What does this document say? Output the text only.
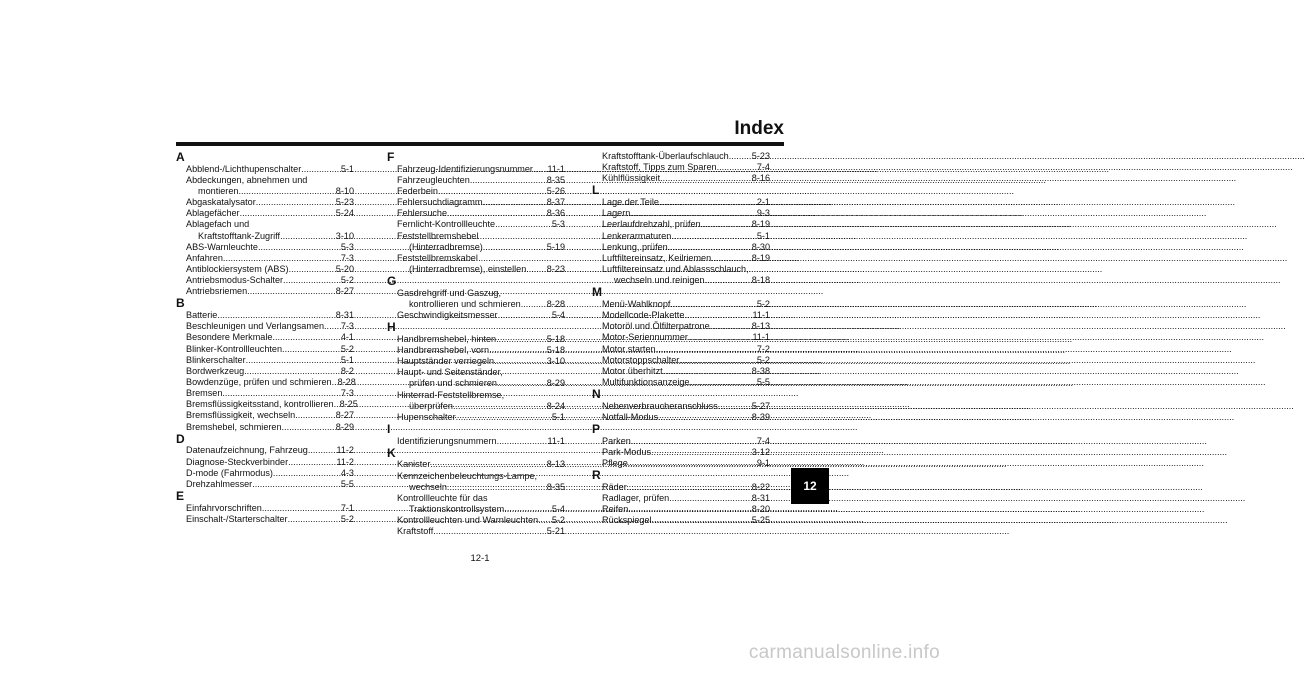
Index
A
Abblend-/Lichthupenschalter .....	5-1
Abdeckungen, abnehmen und
montieren .....	8-10
Abgaskatalysator .....	5-23
Ablagefächer .....	5-24
Ablagefach und
Kraftstofftank-Zugriff .....	3-10
ABS-Warnleuchte .....	5-3
Anfahren .....	7-3
Antiblockiersystem (ABS) .....	5-20
Antriebsmodus-Schalter .....	5-2
Antriebsriemen .....	8-27
B
Batterie .....	8-31
Beschleunigen und Verlangsamen ..... 7-3
Besondere Merkmale .....	4-1
Blinker-Kontrollleuchten .....	5-2
Blinkerschalter .....	5-1
Bordwerkzeug .....	8-2
Bowdenzüge, prüfen und schmieren ..... 8-28
Bremsen .....	7-3
Bremsflüssigkeitsstand, kontrollieren ..... 8-25
Bremsflüssigkeit, wechseln .....	8-27
Bremshebel, schmieren .....	8-29
D
Datenaufzeichnung, Fahrzeug .....	11-2
Diagnose-Steckverbinder .....	11-2
D-mode (Fahrmodus) .....	4-3
Drehzahlmesser .....	5-5
E
Einfahrvorschriften .....	7-1
Einschalt-/Starterschalter .....	5-2
F
Fahrzeug-Identifizierungsnummer ..... 11-1
Fahrzeugleuchten .....	8-35
Federbein .....	5-26
Fehlersuchdiagramm .....	8-37
Fehlersuche .....	8-36
Fernlicht-Kontrollleuchte .....	5-3
Feststellbremshebel
(Hinterradbremse) .....	5-19
Feststellbremskabel
(Hinterradbremse), einstellen ..... 8-23
G
Gasdrehgriff und Gaszug,
kontrollieren und schmieren .....	8-28
Geschwindigkeitsmesser .....	5-4
H
Handbremshebel, hinten .....	5-18
Handbremshebel, vorn .....	5-18
Hauptständer verriegeln .....	3-10
Haupt- und Seitenständer,
prüfen und schmieren .....	8-29
Hinterrad-Feststellbremse,
überprüfen .....	8-24
Hupenschalter .....	5-1
I
Identifizierungsnummern .....	11-1
K
Kanister .....	8-13
Kennzeichenbeleuchtungs-Lampe,
wechseln .....	8-35
Kontrollleuchte für das
Traktionskontrollsystem .....	5-4
Kontrollleuchten und Warnleuchten ..... 5-2
Kraftstoff .....	5-21
Kraftstofftank-Überlaufschlauch .....	5-23
Kraftstoff, Tipps zum Sparen .....	7-4
Kühlflüssigkeit .....	8-16
L
Lage der Teile .....	2-1
Lagern .....	9-3
Leerlaufdrehzahl, prüfen .....	8-19
Lenkerarmaturen .....	5-1
Lenkung, prüfen .....	8-30
Luftfiltereinsatz, Keilriemen .....	8-19
Luftfiltereinsatz und Ablassschlauch,
wechseln und reinigen .....	8-18
M
Menü-Wahlknopf .....	5-2
Modellcode-Plakette .....	11-1
Motoröl und Ölfilterpatrone .....	8-13
Motor-Seriennummer .....	11-1
Motor starten .....	7-2
Motorstoppschalter .....	5-2
Motor überhitzt .....	8-38
Multifunktionsanzeige .....	5-5
N
Nebenverbraucheranschluss .....	5-27
Notfall-Modus .....	8-39
P
Parken .....	7-4
Park-Modus .....	3-12
Pflege .....	9-1
R
Räder .....	8-22
Radlager, prüfen .....	8-31
Reifen .....	8-20
Rückspiegel .....	5-25
12-1
12
carmanualsonline.info
